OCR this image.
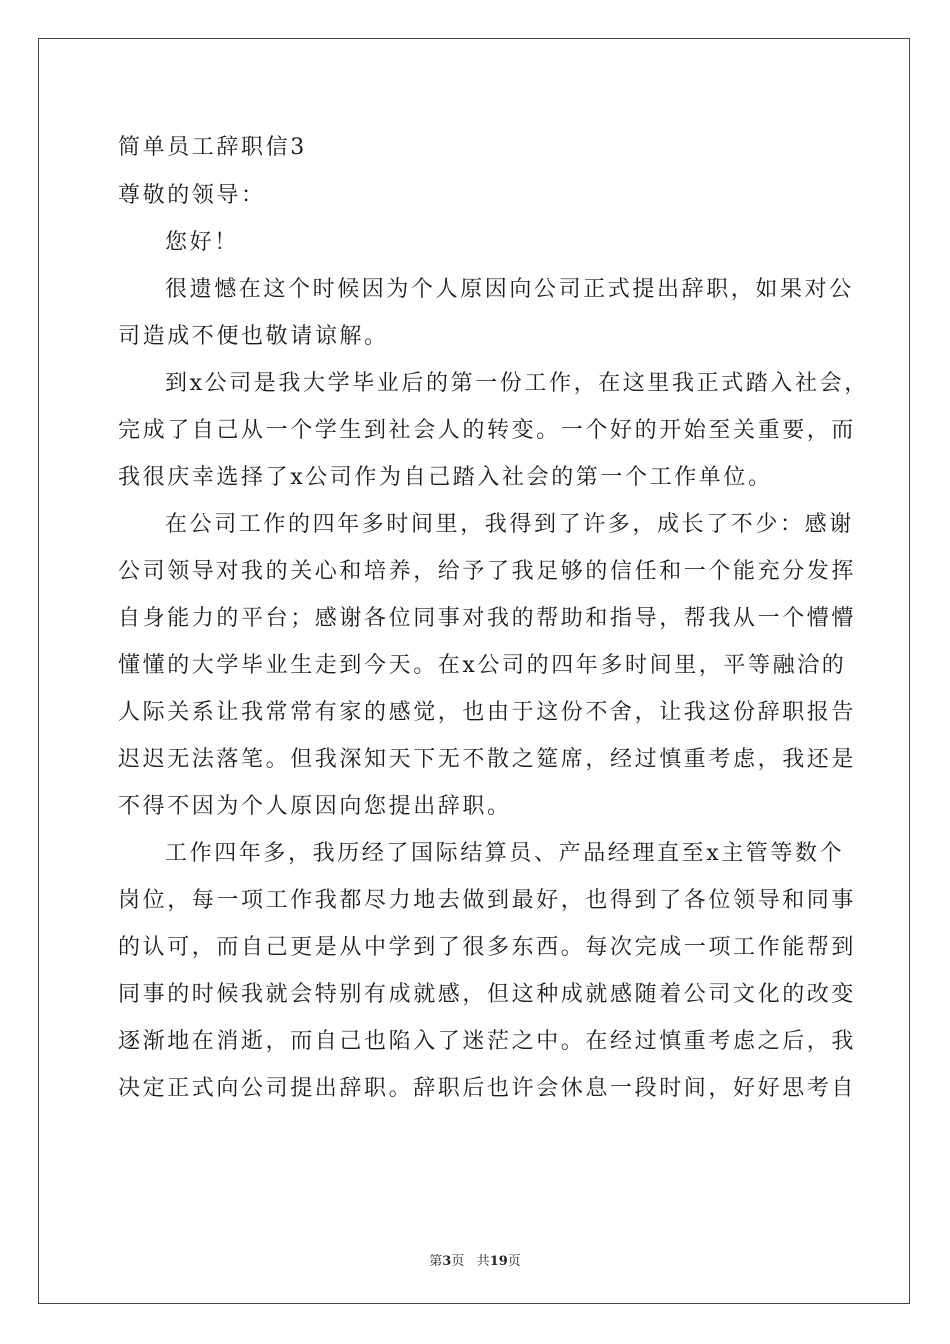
简单员工辞职信3
尊敬的领导：
您好！
很遗憾在这个时候因为个人原因向公司正式提出辞职，如果对公
司造成不便也敬请谅解。
到x公司是我大学毕业后的第一份工作，在这里我正式踏入社会，
完成了自己从一个学生到社会人的转变。一个好的开始至关重要，而
我很庆幸选择了x公司作为自己踏入社会的第一个工作单位。
在公司工作的四年多时间里，我得到了许多，成长了不少：感谢
公司领导对我的关心和培养，给予了我足够的信任和一个能充分发挥
自身能力的平台；感谢各位同事对我的帮助和指导，帮我从一个懵懵
懂懂的大学毕业生走到今天。在x公司的四年多时间里，平等融洽的
人际关系让我常常有家的感觉，也由于这份不舍，让我这份辞职报告
迟迟无法落笔。但我深知天下无不散之筵席，经过慎重考虑，我还是
不得不因为个人原因向您提出辞职。
工作四年多，我历经了国际结算员、产品经理直至x主管等数个
岗位，每一项工作我都尽力地去做到最好，也得到了各位领导和同事
的认可，而自己更是从中学到了很多东西。每次完成一项工作能帮到
同事的时候我就会特别有成就感，但这种成就感随着公司文化的改变
逐渐地在消逝，而自己也陷入了迷茫之中。在经过慎重考虑之后，我
决定正式向公司提出辞职。辞职后也许会休息一段时间，好好思考自
第3页 共19页
